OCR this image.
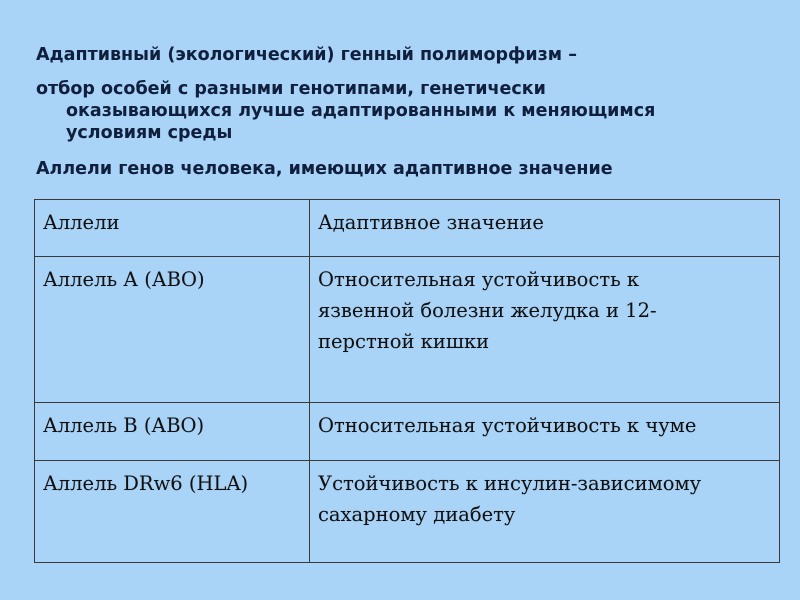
Адаптивный (экологический) генный полиморфизм –

отбор особей с разными генотипами, генетически

оказывающихся лучше адаптированными к меняющимся

условиям среды

Аллели генов человека, имеющих адаптивное значение

Аллели	Адаптивное значение
Аллель А (АВО)	Относительная устойчивость к
язвенной болезни желудка и 12-
перстной кишки

Аллель В (АВО)	Относительная устойчивость к чуме

Аллель DRw6 (HLA)	Устойчивость к инсулин-зависимому
сахарному диабету
